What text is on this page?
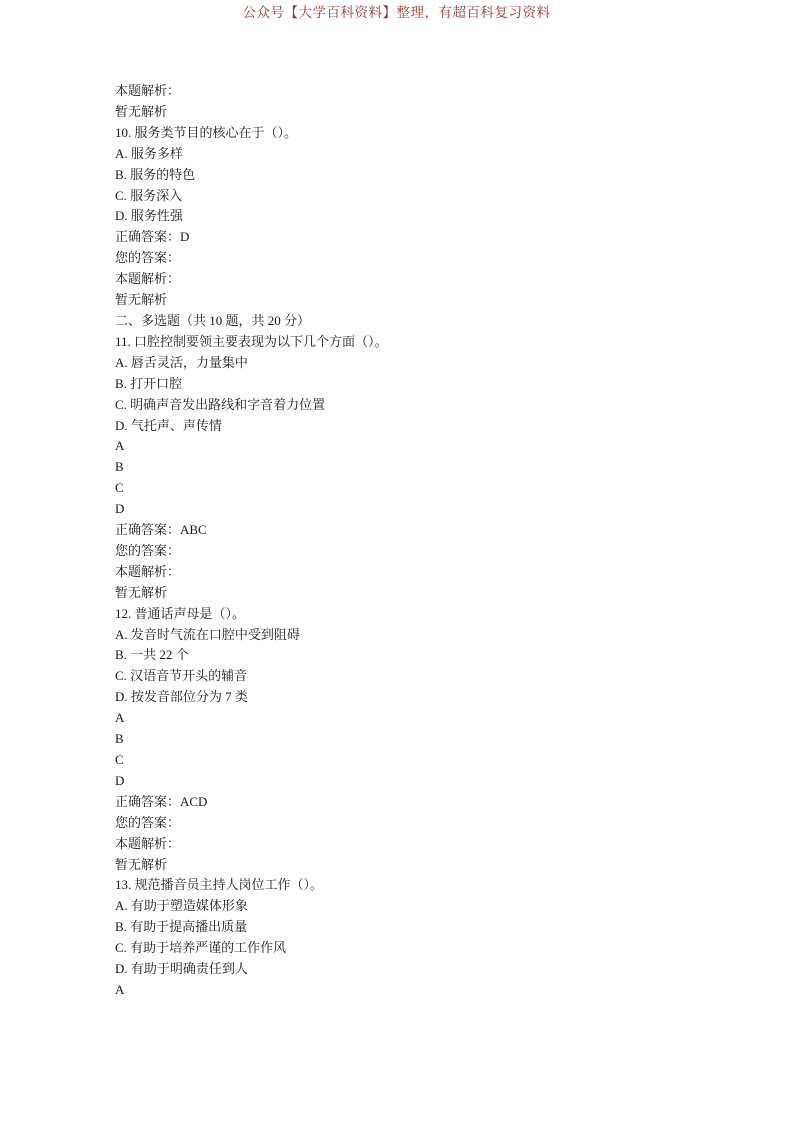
公众号【大学百科资料】整理，有超百科复习资料

本题解析：

暂无解析

10. 服务类节目的核心在于（）。

A. 服务多样

B. 服务的特色

C. 服务深入

D. 服务性强

正确答案：D

您的答案：

本题解析：

暂无解析

二、多选题（共 10 题，共 20 分）

11. 口腔控制要领主要表现为以下几个方面（）。

A. 唇舌灵活，力量集中

B. 打开口腔

C. 明确声音发出路线和字音着力位置

D. 气托声、声传情

A

B

C

D

正确答案：ABC

您的答案：

本题解析：

暂无解析

12. 普通话声母是（）。

A. 发音时气流在口腔中受到阻碍

B. 一共 22 个

C. 汉语音节开头的辅音

D. 按发音部位分为 7 类

A

B

C

D

正确答案：ACD

您的答案：

本题解析：

暂无解析

13. 规范播音员主持人岗位工作（）。

A. 有助于塑造媒体形象

B. 有助于提高播出质量

C. 有助于培养严谨的工作作风

D. 有助于明确责任到人

A
